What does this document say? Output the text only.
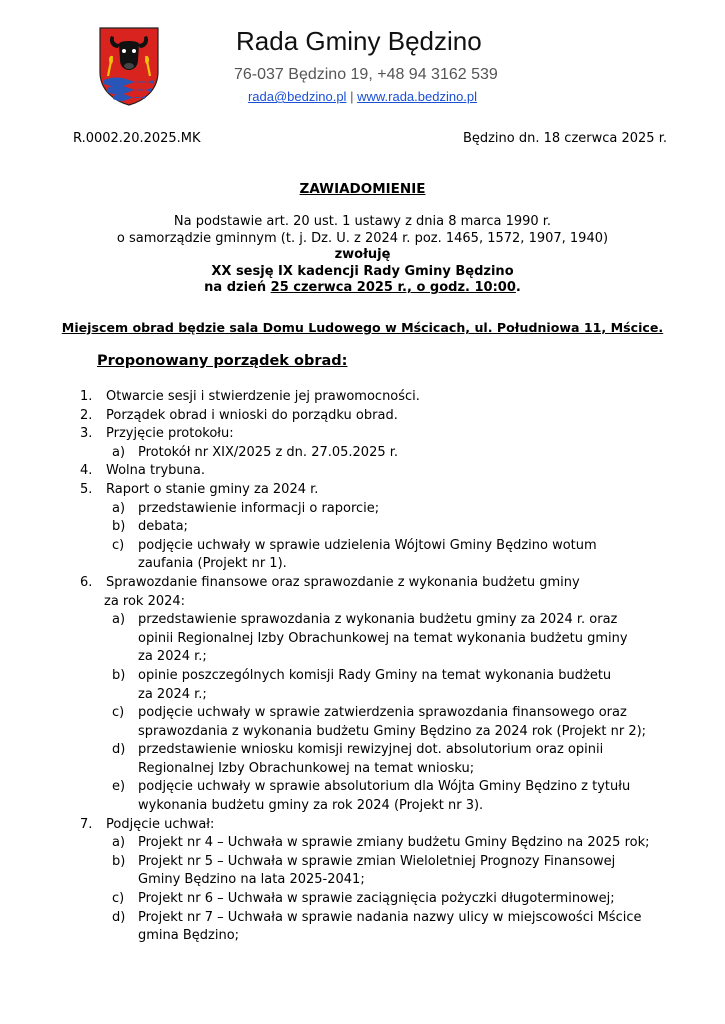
Rada Gminy Będzino
76-037 Będzino 19, +48 94 3162 539
rada@bedzino.pl | www.rada.bedzino.pl
R.0002.20.2025.MK	Będzino dn. 18 czerwca 2025 r.
ZAWIADOMIENIE
Na podstawie art. 20 ust. 1 ustawy z dnia 8 marca 1990 r.
o samorządzie gminnym (t. j. Dz. U. z 2024 r. poz. 1465, 1572, 1907, 1940)
zwołuję
XX sesję IX kadencji Rady Gminy Będzino
na dzień 25 czerwca 2025 r., o godz. 10:00.
Miejscem obrad będzie sala Domu Ludowego w Mścicach, ul. Południowa 11, Mścice.
Proponowany porządek obrad:
1. Otwarcie sesji i stwierdzenie jej prawomocności.
2. Porządek obrad i wnioski do porządku obrad.
3. Przyjęcie protokołu:
a) Protokół nr XIX/2025 z dn. 27.05.2025 r.
4. Wolna trybuna.
5. Raport o stanie gminy za 2024 r.
a) przedstawienie informacji o raporcie;
b) debata;
c) podjęcie uchwały w sprawie udzielenia Wójtowi Gminy Będzino wotum
zaufania (Projekt nr 1).
6. Sprawozdanie finansowe oraz sprawozdanie z wykonania budżetu gminy
za rok 2024:
a) przedstawienie sprawozdania z wykonania budżetu gminy za 2024 r. oraz
opinii Regionalnej Izby Obrachunkowej na temat wykonania budżetu gminy
za 2024 r.;
b) opinie poszczególnych komisji Rady Gminy na temat wykonania budżetu
za 2024 r.;
c) podjęcie uchwały w sprawie zatwierdzenia sprawozdania finansowego oraz
sprawozdania z wykonania budżetu Gminy Będzino za 2024 rok (Projekt nr 2);
d) przedstawienie wniosku komisji rewizyjnej dot. absolutorium oraz opinii
Regionalnej Izby Obrachunkowej na temat wniosku;
e) podjęcie uchwały w sprawie absolutorium dla Wójta Gminy Będzino z tytułu
wykonania budżetu gminy za rok 2024 (Projekt nr 3).
7. Podjęcie uchwał:
a) Projekt nr 4 – Uchwała w sprawie zmiany budżetu Gminy Będzino na 2025 rok;
b) Projekt nr 5 – Uchwała w sprawie zmian Wieloletniej Prognozy Finansowej
Gminy Będzino na lata 2025-2041;
c) Projekt nr 6 – Uchwała w sprawie zaciągnięcia pożyczki długoterminowej;
d) Projekt nr 7 – Uchwała w sprawie nadania nazwy ulicy w miejscowości Mścice
gmina Będzino;
